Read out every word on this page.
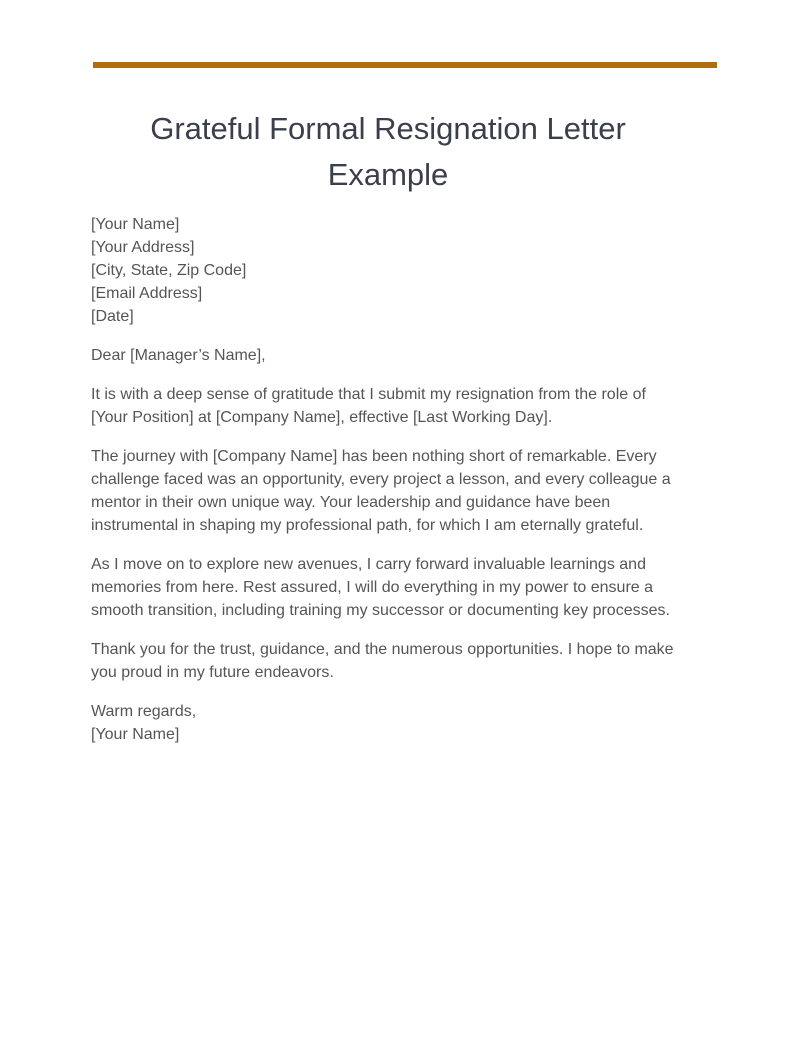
Grateful Formal Resignation Letter Example
[Your Name]
[Your Address]
[City, State, Zip Code]
[Email Address]
[Date]
Dear [Manager’s Name],
It is with a deep sense of gratitude that I submit my resignation from the role of
[Your Position] at [Company Name], effective [Last Working Day].
The journey with [Company Name] has been nothing short of remarkable. Every
challenge faced was an opportunity, every project a lesson, and every colleague a
mentor in their own unique way. Your leadership and guidance have been
instrumental in shaping my professional path, for which I am eternally grateful.
As I move on to explore new avenues, I carry forward invaluable learnings and
memories from here. Rest assured, I will do everything in my power to ensure a
smooth transition, including training my successor or documenting key processes.
Thank you for the trust, guidance, and the numerous opportunities. I hope to make
you proud in my future endeavors.
Warm regards,
[Your Name]
